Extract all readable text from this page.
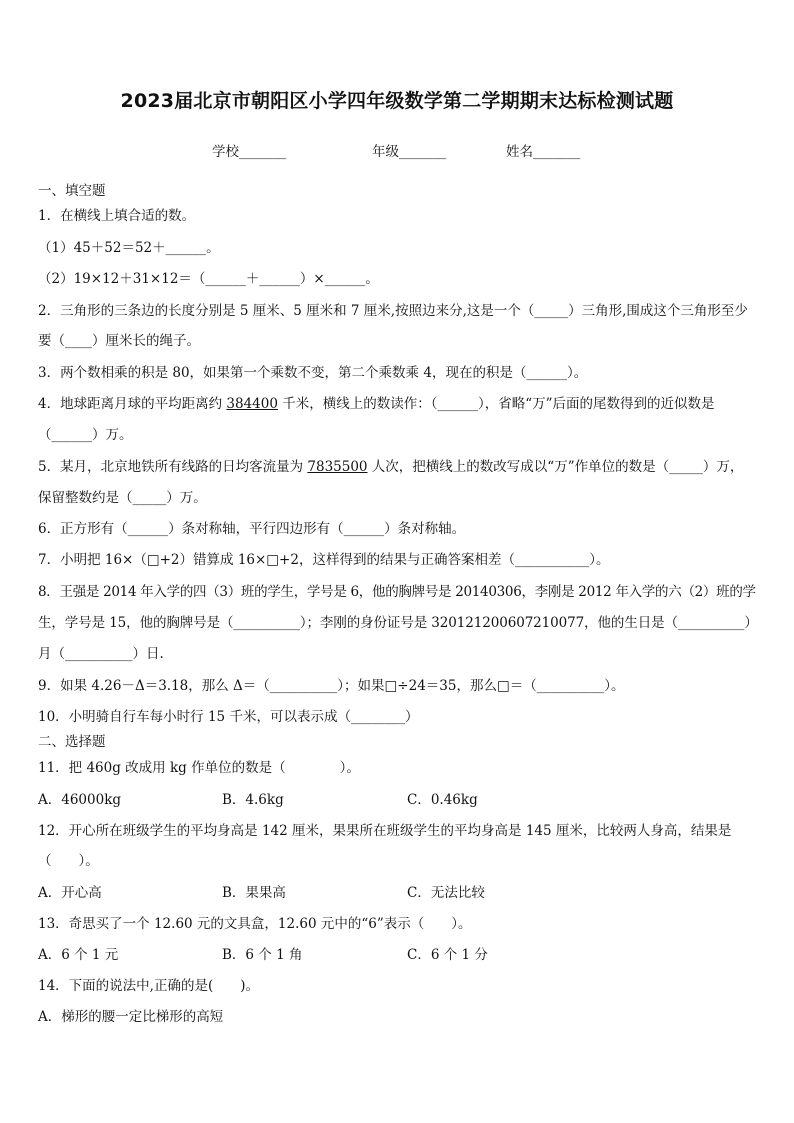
2023届北京市朝阳区小学四年级数学第二学期期末达标检测试题
学校_______	年级_______	姓名_______
一、填空题
1．在横线上填合适的数。
（1）45＋52＝52＋______。
（2）19×12＋31×12＝（______＋______）×______。
2．三角形的三条边的长度分别是 5 厘米、5 厘米和 7 厘米,按照边来分,这是一个（_____）三角形,围成这个三角形至少
要（____）厘米长的绳子。
3．两个数相乘的积是 80，如果第一个乘数不变，第二个乘数乘 4，现在的积是（______）。
4．地球距离月球的平均距离约 384400 千米，横线上的数读作：（______），省略“万”后面的尾数得到的近似数是
（______）万。
5．某月，北京地铁所有线路的日均客流量为 7835500 人次，把横线上的数改写成以“万”作单位的数是（_____）万，
保留整数约是（_____）万。
6．正方形有（______）条对称轴，平行四边形有（______）条对称轴。
7．小明把 16×（□+2）错算成 16×□+2，这样得到的结果与正确答案相差（___________）。
8．王强是 2014 年入学的四（3）班的学生，学号是 6，他的胸牌号是 20140306，李刚是 2012 年入学的六（2）班的学
生，学号是 15，他的胸牌号是（__________）；李刚的身份证号是 320121200607210077，他的生日是（__________）
月（__________）日.
9．如果 4.26－Δ＝3.18，那么 Δ＝（__________）；如果□÷24＝35，那么□＝（__________）。
10．小明骑自行车每小时行 15 千米，可以表示成（________）
二、选择题
11．把 460g 改成用 kg 作单位的数是（　　　　）。
A．46000kg	B．4.6kg	C．0.46kg
12．开心所在班级学生的平均身高是 142 厘米，果果所在班级学生的平均身高是 145 厘米，比较两人身高，结果是
（　　）。
A．开心高	B．果果高	C．无法比较
13．奇思买了一个 12.60 元的文具盒，12.60 元中的“6”表示（　　）。
A．6 个 1 元	B．6 个 1 角	C．6 个 1 分
14．下面的说法中,正确的是(　　)。
A．梯形的腰一定比梯形的高短
